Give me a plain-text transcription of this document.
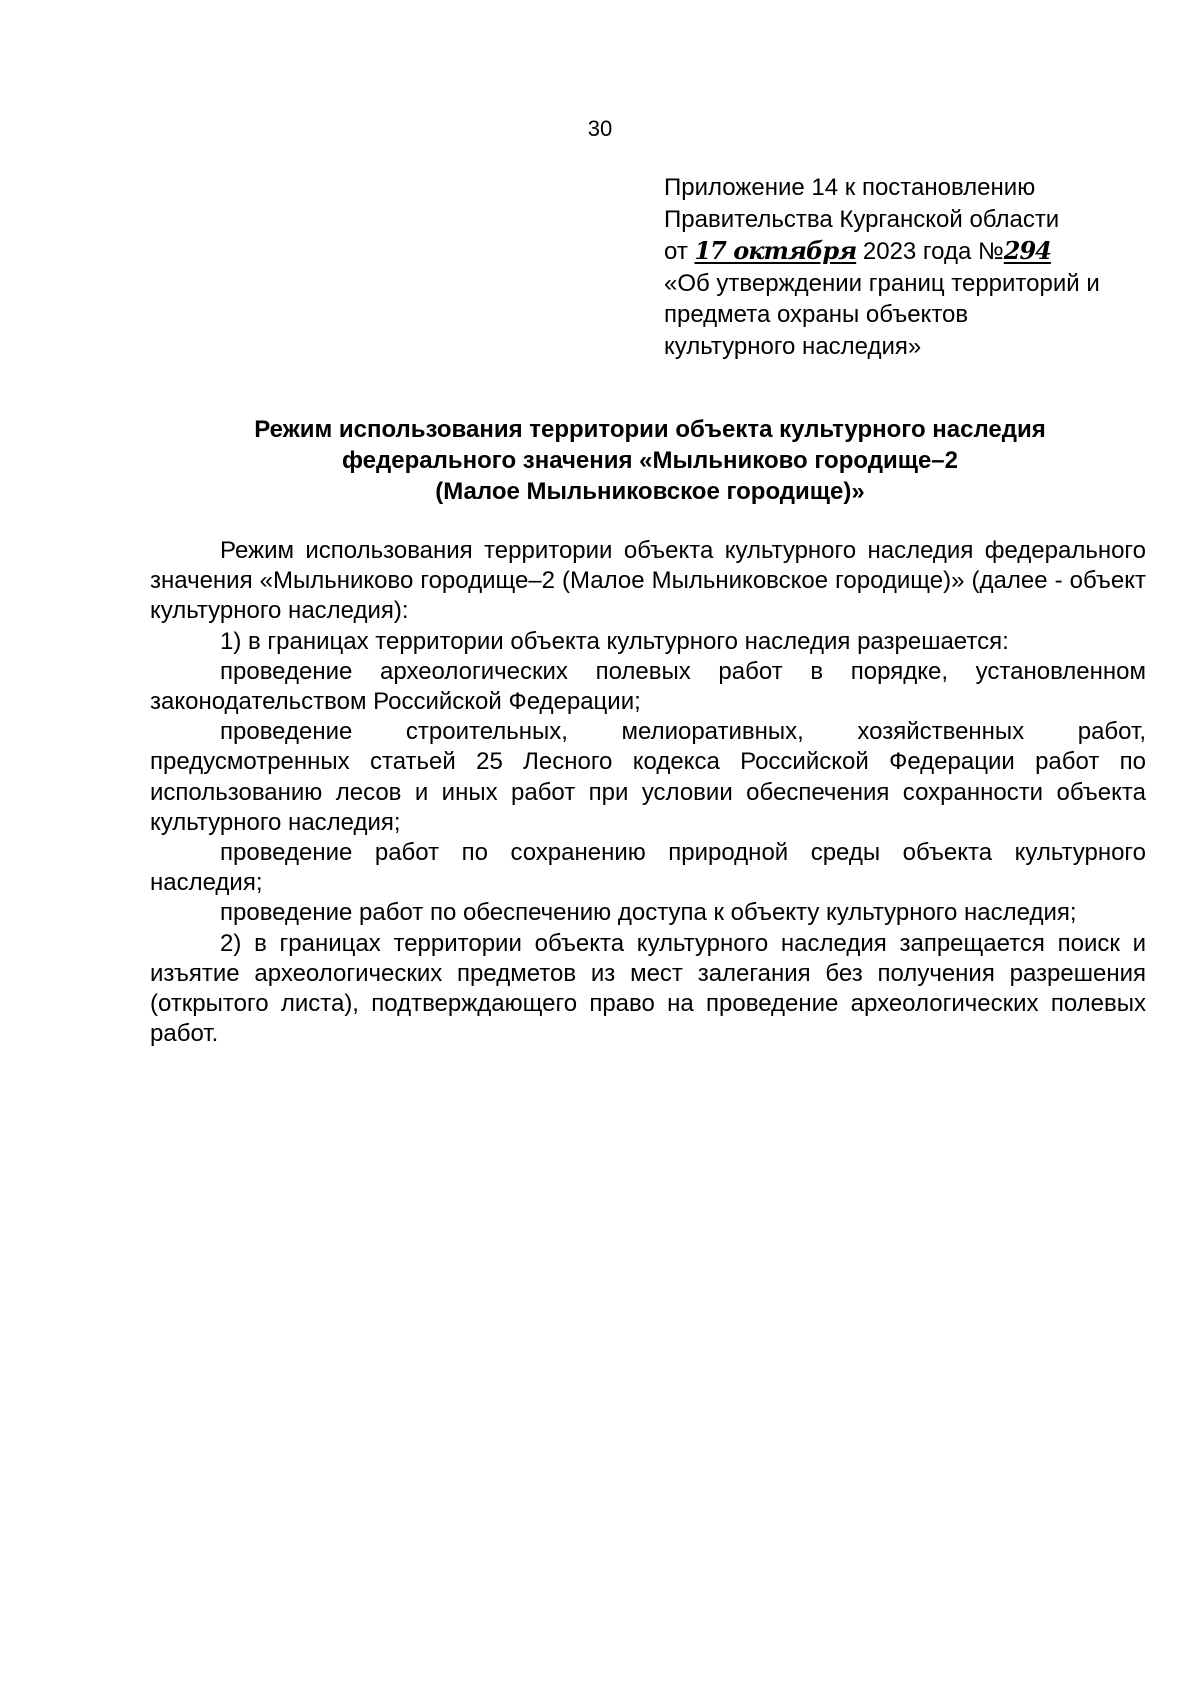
30
Приложение 14 к постановлению
Правительства Курганской области
от 17 октября 2023 года №294
«Об утверждении границ территорий и
предмета охраны объектов
культурного наследия»
Режим использования территории объекта культурного наследия
федерального значения «Мыльниково городище–2
(Малое Мыльниковское городище)»

Режим использования территории объекта культурного наследия федерального значения «Мыльниково городище–2 (Малое Мыльниковское городище)» (далее - объект культурного наследия):

1) в границах территории объекта культурного наследия разрешается:

проведение археологических полевых работ в порядке, установленном законодательством Российской Федерации;

проведение строительных, мелиоративных, хозяйственных работ, предусмотренных статьей 25 Лесного кодекса Российской Федерации работ по использованию лесов и иных работ при условии обеспечения сохранности объекта культурного наследия;

проведение работ по сохранению природной среды объекта культурного наследия;

проведение работ по обеспечению доступа к объекту культурного наследия;

2) в границах территории объекта культурного наследия запрещается поиск и изъятие археологических предметов из мест залегания без получения разрешения (открытого листа), подтверждающего право на проведение археологических полевых работ.
